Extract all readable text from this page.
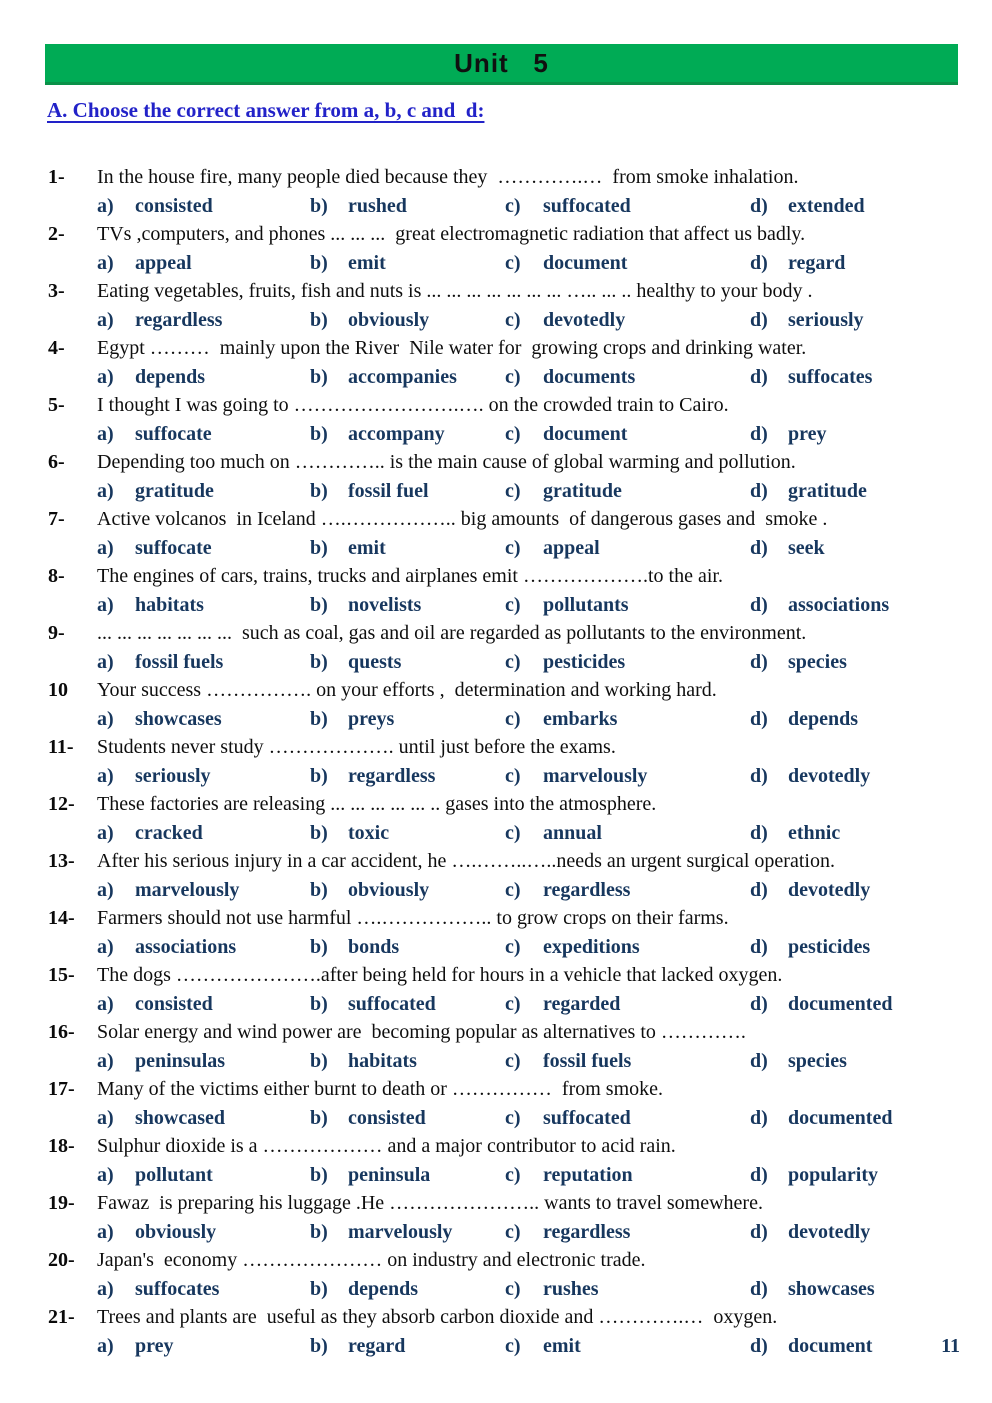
Unit   5
A. Choose the correct answer from a, b, c and  d:
1-	In the house fire, many people died because they  ………….…  from smoke inhalation.
a)	consisted	b)	rushed	c)	suffocated	d)	extended
2-	TVs ,computers, and phones ... ... ...  great electromagnetic radiation that affect us badly.
a)	appeal	b)	emit	c)	document	d)	regard
3-	Eating vegetables, fruits, fish and nuts is ... ... ... ... ... ... ... ….. ... .. healthy to your body .
a)	regardless	b)	obviously	c)	devotedly	d)	seriously
4-	Egypt ………  mainly upon the River  Nile water for  growing crops and drinking water.
a)	depends	b)	accompanies c)	documents	d)	suffocates
5-	I thought I was going to …………………….…. on the crowded train to Cairo.
a)	suffocate	b)	accompany	c)	document	d)	prey
6-	Depending too much on ………….. is the main cause of global warming and pollution.
a)	gratitude	b)	fossil fuel	c)	gratitude	d)	gratitude
7-	Active volcanos  in Iceland ….…………….. big amounts  of dangerous gases and  smoke .
a)	suffocate	b)	emit	c)	appeal	d)	seek
8-	The engines of cars, trains, trucks and airplanes emit ……………….to the air.
a)	habitats	b)	novelists	c)	pollutants	d)	associations
9-	... ... ... ... ... ... ...  such as coal, gas and oil are regarded as pollutants to the environment.
a)	fossil fuels	b)	quests	c)	pesticides	d)	species
10	Your success ……………. on your efforts ,  determination and working hard.
a)	showcases	b)	preys	c)	embarks	d)	depends
11-	Students never study ………………. until just before the exams.
a)	seriously	b)	regardless	c)	marvelously	d)	devotedly
12-	These factories are releasing ... ... ... ... ... .. gases into the atmosphere.
a)	cracked	b)	toxic	c)	annual	d)	ethnic
13-	After his serious injury in a car accident, he ….……..…..needs an urgent surgical operation.
a)	marvelously	b)	obviously	c)	regardless	d)	devotedly
14-	Farmers should not use harmful ….…………….. to grow crops on their farms.
a)	associations	b)	bonds	c)	expeditions	d)	pesticides
15-	The dogs ………………….after being held for hours in a vehicle that lacked oxygen.
a)	consisted	b)	suffocated	c)	regarded	d)	documented
16-	Solar energy and wind power are  becoming popular as alternatives to ………….
a)	peninsulas	b)	habitats	c)	fossil fuels	d)	species
17-	Many of the victims either burnt to death or ……………  from smoke.
a)	showcased	b)	consisted	c)	suffocated	d)	documented
18-	Sulphur dioxide is a ……………… and a major contributor to acid rain.
a)	pollutant	b)	peninsula	c)	reputation	d)	popularity
19-	Fawaz  is preparing his luggage .He ………………….. wants to travel somewhere.
a)	obviously	b)	marvelously	c)	regardless	d)	devotedly
20-	Japan's  economy ………………… on industry and electronic trade.
a)	suffocates	b)	depends	c)	rushes	d)	showcases
21-	Trees and plants are  useful as they absorb carbon dioxide and ………….…  oxygen.
a)	prey	b)	regard	c)	emit	d)	document	11
